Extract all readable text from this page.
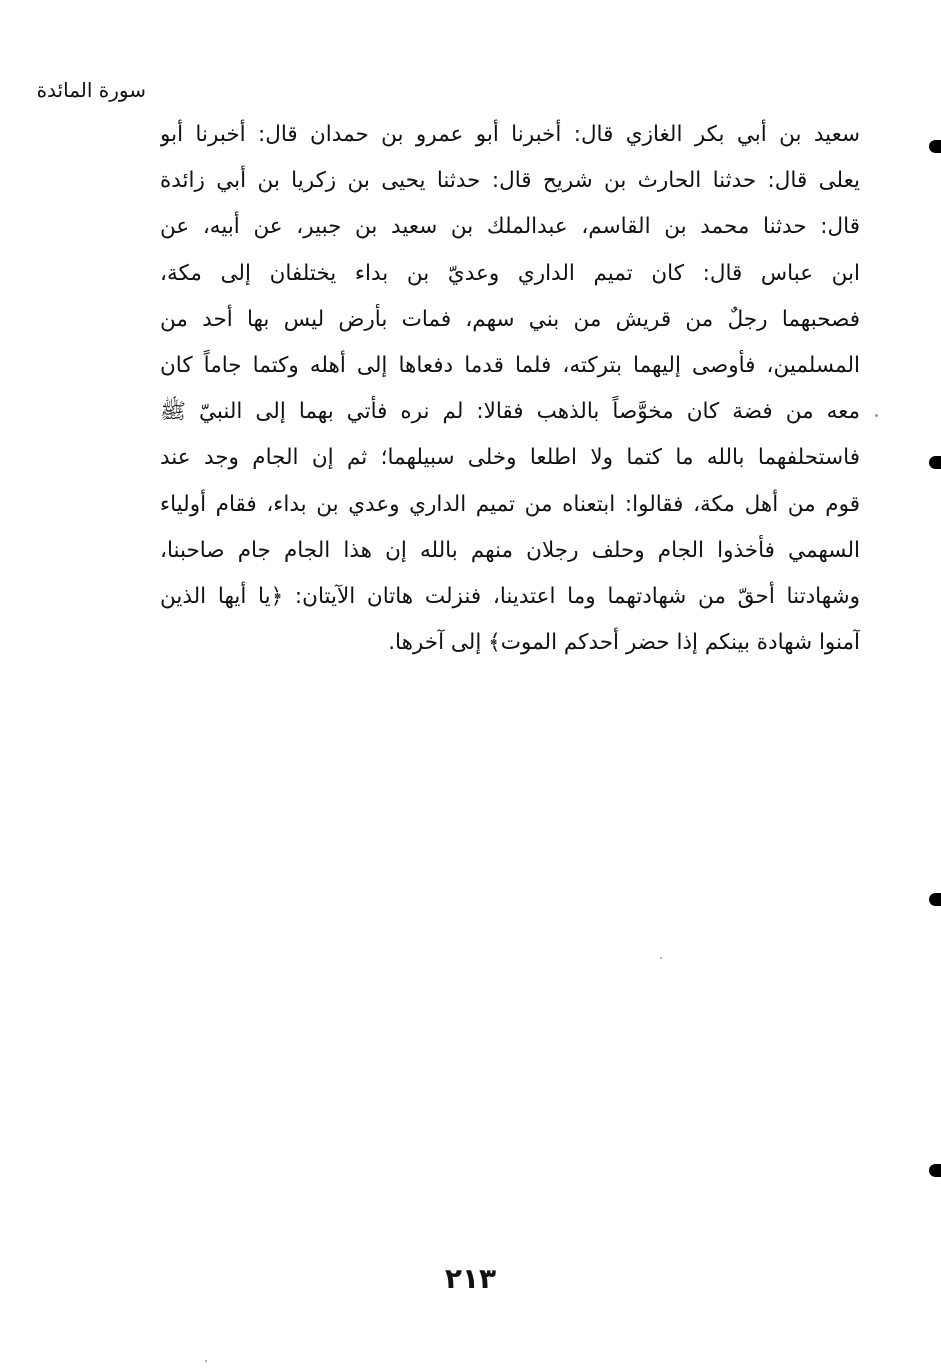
سورة المائدة
سعيد بن أبي بكر الغازي قال: أخبرنا أبو عمرو بن حمدان قال: أخبرنا أبو
يعلى قال: حدثنا الحارث بن شريح قال: حدثنا يحيى بن زكريا بن أبي زائدة
قال: حدثنا محمد بن القاسم، عبدالملك بن سعيد بن جبير، عن أبيه، عن
ابن عباس قال: كان تميم الداري وعديّ بن بداء يختلفان إلى مكة،
فصحبهما رجلٌ من قريش من بني سهم، فمات بأرض ليس بها أحد من
المسلمين، فأوصى إليهما بتركته، فلما قدما دفعاها إلى أهله وكتما جاماً كان
معه من فضة كان مخوَّصاً بالذهب فقالا: لم نره فأتي بهما إلى النبيّ ﷺ
فاستحلفهما بالله ما كتما ولا اطلعا وخلى سبيلهما؛ ثم إن الجام وجد عند
قوم من أهل مكة، فقالوا: ابتعناه من تميم الداري وعدي بن بداء، فقام أولياء
السهمي فأخذوا الجام وحلف رجلان منهم بالله إن هذا الجام جام صاحبنا،
وشهادتنا أحقّ من شهادتهما وما اعتدينا، فنزلت هاتان الآيتان: ﴿يا أيها الذين
آمنوا شهادة بينكم إذا حضر أحدكم الموت﴾ إلى آخرها.
٢١٣
